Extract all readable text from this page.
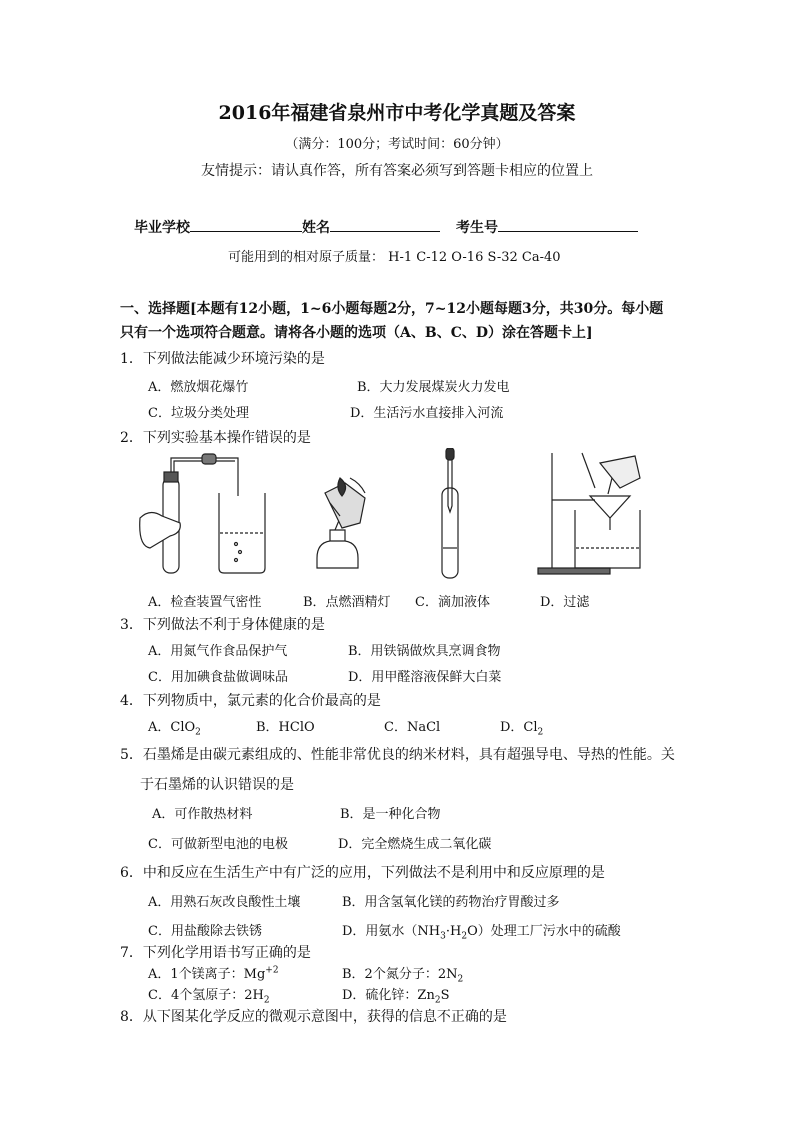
2016年福建省泉州市中考化学真题及答案
（满分：100分；考试时间：60分钟）
友情提示：请认真作答，所有答案必须写到答题卡相应的位置上
毕业学校	姓名	考生号
可能用到的相对原子质量： H-1 C-12 O-16 S-32 Ca-40
一、选择题[本题有12小题，1~6小题每题2分，7~12小题每题3分，共30分。每小题
只有一个选项符合题意。请将各小题的选项（A、B、C、D）涂在答题卡上]
1．下列做法能减少环境污染的是
A．燃放烟花爆竹	B．大力发展煤炭火力发电
C．垃圾分类处理	D．生活污水直接排入河流
2．下列实验基本操作错误的是
A．检查装置气密性	B．点燃酒精灯 C．滴加液体	D．过滤
3．下列做法不利于身体健康的是
A．用氮气作食品保护气	B．用铁锅做炊具烹调食物
C．用加碘食盐做调味品	D．用甲醛溶液保鲜大白菜
4．下列物质中，氯元素的化合价最高的是
A．ClO$_2$	B．HClO	C．NaCl	D．$Cl_2$
5．石墨烯是由碳元素组成的、性能非常优良的纳米材料，具有超强导电、导热的性能。关
于石墨烯的认识错误的是
A．可作散热材料	B．是一种化合物
C．可做新型电池的电极	D．完全燃烧生成二氧化碳
6．中和反应在生活生产中有广泛的应用，下列做法不是利用中和反应原理的是
A．用熟石灰改良酸性土壤	B．用含氢氧化镁的药物治疗胃酸过多
C．用盐酸除去铁锈	D．用氨水$(NH_3\cdot H_2O)$处理工厂污水中的硫酸
7．下列化学用语书写正确的是
A．1个镁离子：$Mg^{+2}$	B．2个氮分子：$2N_2$
C．4个氢原子：$2H_2$	D．硫化锌：$Zn_2S$
8．从下图某化学反应的微观示意图中，获得的信息不正确的是
